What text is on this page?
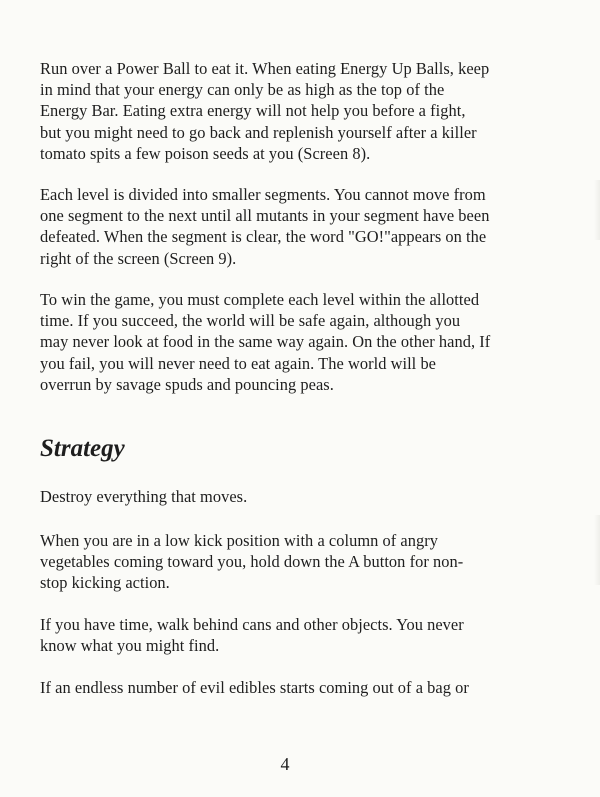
Run over a Power Ball to eat it. When eating Energy Up Balls, keep
in mind that your energy can only be as high as the top of the
Energy Bar. Eating extra energy will not help you before a fight,
but you might need to go back and replenish yourself after a killer
tomato spits a few poison seeds at you (Screen 8).
Each level is divided into smaller segments. You cannot move from
one segment to the next until all mutants in your segment have been
defeated. When the segment is clear, the word "GO!"appears on the
right of the screen (Screen 9).
To win the game, you must complete each level within the allotted
time. If you succeed, the world will be safe again, although you
may never look at food in the same way again. On the other hand, If
you fail, you will never need to eat again. The world will be
overrun by savage spuds and pouncing peas.
Strategy
Destroy everything that moves.
When you are in a low kick position with a column of angry
vegetables coming toward you, hold down the A button for non-
stop kicking action.
If you have time, walk behind cans and other objects. You never
know what you might find.
If an endless number of evil edibles starts coming out of a bag or
4
